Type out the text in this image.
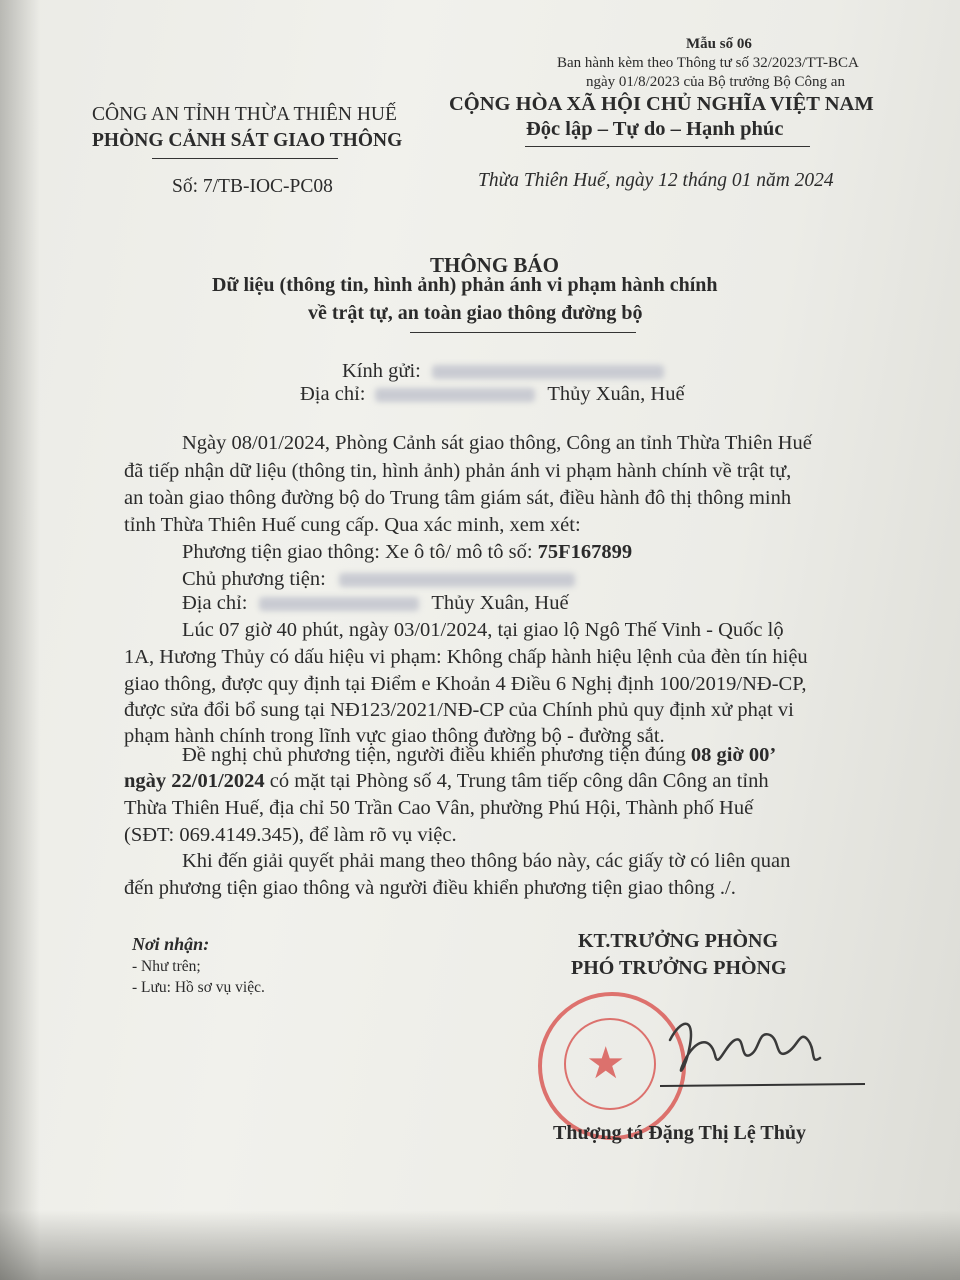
Mẫu số 06
Ban hành kèm theo Thông tư số 32/2023/TT-BCA
ngày 01/8/2023 của Bộ trưởng Bộ Công an
CÔNG AN TỈNH THỪA THIÊN HUẾ
PHÒNG CẢNH SÁT GIAO THÔNG
Số: 7/TB-IOC-PC08
CỘNG HÒA XÃ HỘI CHỦ NGHĨA VIỆT NAM
Độc lập – Tự do – Hạnh phúc
Thừa Thiên Huế, ngày 12 tháng 01 năm 2024
THÔNG BÁO
Dữ liệu (thông tin, hình ảnh) phản ánh vi phạm hành chính
về trật tự, an toàn giao thông đường bộ
Kính gửi:
Địa chỉ:	Thủy Xuân, Huế
Ngày 08/01/2024, Phòng Cảnh sát giao thông, Công an tỉnh Thừa Thiên Huế
đã tiếp nhận dữ liệu (thông tin, hình ảnh) phản ánh vi phạm hành chính về trật tự,
an toàn giao thông đường bộ do Trung tâm giám sát, điều hành đô thị thông minh
tỉnh Thừa Thiên Huế cung cấp. Qua xác minh, xem xét:
Phương tiện giao thông: Xe ô tô/ mô tô số: 75F167899
Chủ phương tiện:
Địa chỉ:	Thủy Xuân, Huế
Lúc 07 giờ 40 phút, ngày 03/01/2024, tại giao lộ Ngô Thế Vinh - Quốc lộ
1A, Hương Thủy có dấu hiệu vi phạm: Không chấp hành hiệu lệnh của đèn tín hiệu
giao thông, được quy định tại Điểm e Khoản 4 Điều 6 Nghị định 100/2019/NĐ-CP,
được sửa đổi bổ sung tại NĐ123/2021/NĐ-CP của Chính phủ quy định xử phạt vi
phạm hành chính trong lĩnh vực giao thông đường bộ - đường sắt.
Đề nghị chủ phương tiện, người điều khiển phương tiện đúng 08 giờ 00’
ngày 22/01/2024 có mặt tại Phòng số 4, Trung tâm tiếp công dân Công an tỉnh
Thừa Thiên Huế, địa chỉ 50 Trần Cao Vân, phường Phú Hội, Thành phố Huế
(SĐT: 069.4149.345), để làm rõ vụ việc.
Khi đến giải quyết phải mang theo thông báo này, các giấy tờ có liên quan
đến phương tiện giao thông và người điều khiển phương tiện giao thông ./.
Nơi nhận:
- Như trên;
- Lưu: Hồ sơ vụ việc.
KT.TRƯỞNG PHÒNG
PHÓ TRƯỞNG PHÒNG
★
Thượng tá Đặng Thị Lệ Thủy
